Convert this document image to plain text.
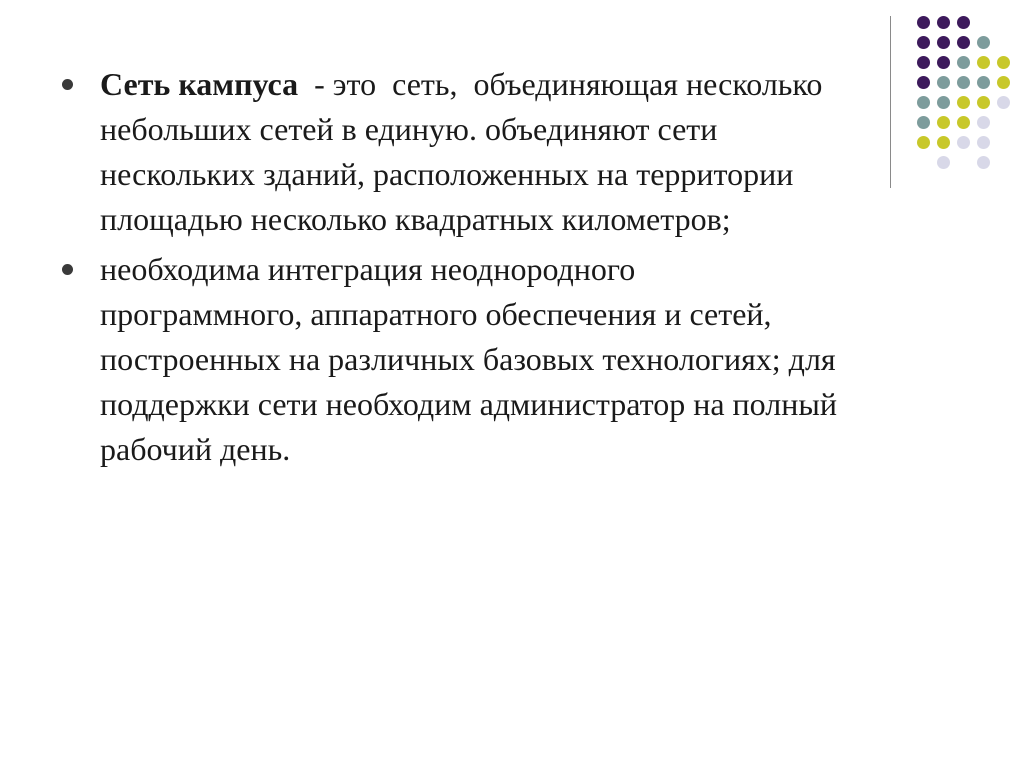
Сеть кампуса  - это  сеть,  объединяющая несколько небольших сетей в единую. объединяют сети нескольких зданий, расположенных на территории площадью несколько квадратных километров;
необходима интеграция неоднородного программного, аппаратного обеспечения и сетей, построенных на различных базовых технологиях; для поддержки сети необходим администратор на полный рабочий день.
